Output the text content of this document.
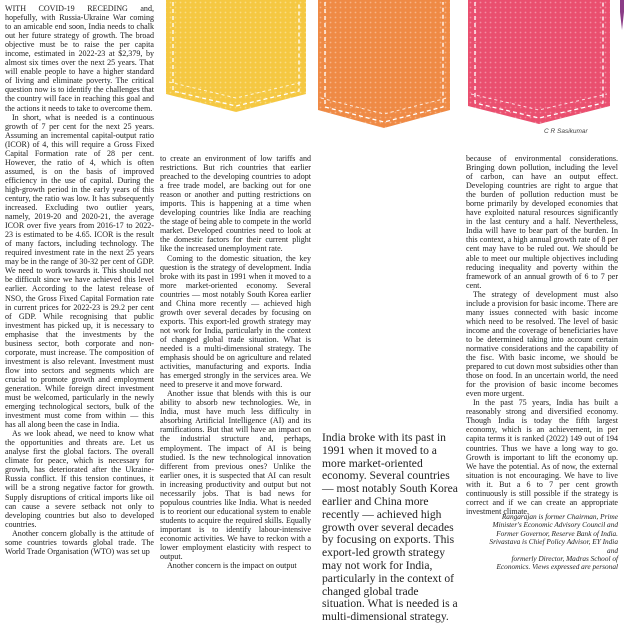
WITH COVID-19 RECEDING and, hopefully, with Russia-Ukraine War coming to an amicable end soon, India needs to chalk out her future strategy of growth. The broad objective must be to raise the per capita income, estimated in 2022-23 at $2,379, by almost six times over the next 25 years. That will enable people to have a higher standard of living and eliminate poverty. The critical question now is to identify the challenges that the country will face in reaching this goal and the actions it needs to take to overcome them.

In short, what is needed is a continuous growth of 7 per cent for the next 25 years. Assuming an incremental capital-output ratio (ICOR) of 4, this will require a Gross Fixed Capital Formation rate of 28 per cent. However, the ratio of 4, which is often assumed, is on the basis of improved efficiency in the use of capital. During the high-growth period in the early years of this century, the ratio was low. It has subsequently increased. Excluding two outlier years, namely, 2019-20 and 2020-21, the average ICOR over five years from 2016-17 to 2022-23 is estimated to be 4.65. ICOR is the result of many factors, including technology. The required investment rate in the next 25 years may be in the range of 30-32 per cent of GDP. We need to work towards it. This should not be difficult since we have achieved this level earlier. According to the latest release of NSO, the Gross Fixed Capital Formation rate in current prices for 2022-23 is 29.2 per cent of GDP. While recognising that public investment has picked up, it is necessary to emphasise that the investments by the business sector, both corporate and non-corporate, must increase. The composition of investment is also relevant. Investment must flow into sectors and segments which are crucial to promote growth and employment generation. While foreign direct investment must be welcomed, particularly in the newly emerging technological sectors, bulk of the investment must come from within — this has all along been the case in India.

As we look ahead, we need to know what the opportunities and threats are. Let us analyse first the global factors. The overall climate for peace, which is necessary for growth, has deteriorated after the Ukraine-Russia conflict. If this tension continues, it will be a strong negative factor for growth. Supply disruptions of critical imports like oil can cause a severe setback not only to developing countries but also to developed countries.

Another concern globally is the attitude of some countries towards global trade. The World Trade Organisation (WTO) was set up

to create an environment of low tariffs and restrictions. But rich countries that earlier preached to the developing countries to adopt a free trade model, are backing out for one reason or another and putting restrictions on imports. This is happening at a time when developing countries like India are reaching the stage of being able to compete in the world market. Developed countries need to look at the domestic factors for their current plight like the increased unemployment rate.

Coming to the domestic situation, the key question is the strategy of development. India broke with its past in 1991 when it moved to a more market-oriented economy. Several countries — most notably South Korea earlier and China more recently — achieved high growth over several decades by focusing on exports. This export-led growth strategy may not work for India, particularly in the context of changed global trade situation. What is needed is a multi-dimensional strategy. The emphasis should be on agriculture and related activities, manufacturing and exports. India has emerged strongly in the services area. We need to preserve it and move forward.

Another issue that blends with this is our ability to absorb new technologies. We, in India, must have much less difficulty in absorbing Artificial Intelligence (AI) and its ramifications. But that will have an impact on the industrial structure and, perhaps, employment. The impact of AI is being studied. Is the new technological innovation different from previous ones? Unlike the earlier ones, it is suspected that AI can result in increasing productivity and output but not necessarily jobs. That is bad news for populous countries like India. What is needed is to reorient our educational system to enable students to acquire the required skills. Equally important is to identify labour-intensive economic activities. We have to reckon with a lower employment elasticity with respect to output.

Another concern is the impact on output

India broke with its past in 1991 when it moved to a more market-oriented economy. Several countries — most notably South Korea earlier and China more recently — achieved high growth over several decades by focusing on exports. This export-led growth strategy may not work for India, particularly in the context of changed global trade situation. What is needed is a multi-dimensional strategy.

C R Sasikumar

because of environmental considerations. Bringing down pollution, including the level of carbon, can have an output effect. Developing countries are right to argue that the burden of pollution reduction must be borne primarily by developed economies that have exploited natural resources significantly in the last century and a half. Nevertheless, India will have to bear part of the burden. In this context, a high annual growth rate of 8 per cent may have to be ruled out. We should be able to meet our multiple objectives including reducing inequality and poverty within the framework of an annual growth of 6 to 7 per cent.

The strategy of development must also include a provision for basic income. There are many issues connected with basic income which need to be resolved. The level of basic income and the coverage of beneficiaries have to be determined taking into account certain normative considerations and the capability of the fisc. With basic income, we should be prepared to cut down most subsidies other than those on food. In an uncertain world, the need for the provision of basic income becomes even more urgent.

In the past 75 years, India has built a reasonably strong and diversified economy. Though India is today the fifth largest economy, which is an achievement, in per capita terms it is ranked (2022) 149 out of 194 countries. Thus we have a long way to go. Growth is important to lift the economy up. We have the potential. As of now, the external situation is not encouraging. We have to live with it. But a 6 to 7 per cent growth continuously is still possible if the strategy is correct and if we can create an appropriate investment climate.

Rangarajan is former Chairman, Prime

Minister's Economic Advisory Council and

Former Governor, Reserve Bank of India.

Srivastava is Chief Policy Advisor, EY India and

formerly Director, Madras School of

Economics. Views expressed are personal
